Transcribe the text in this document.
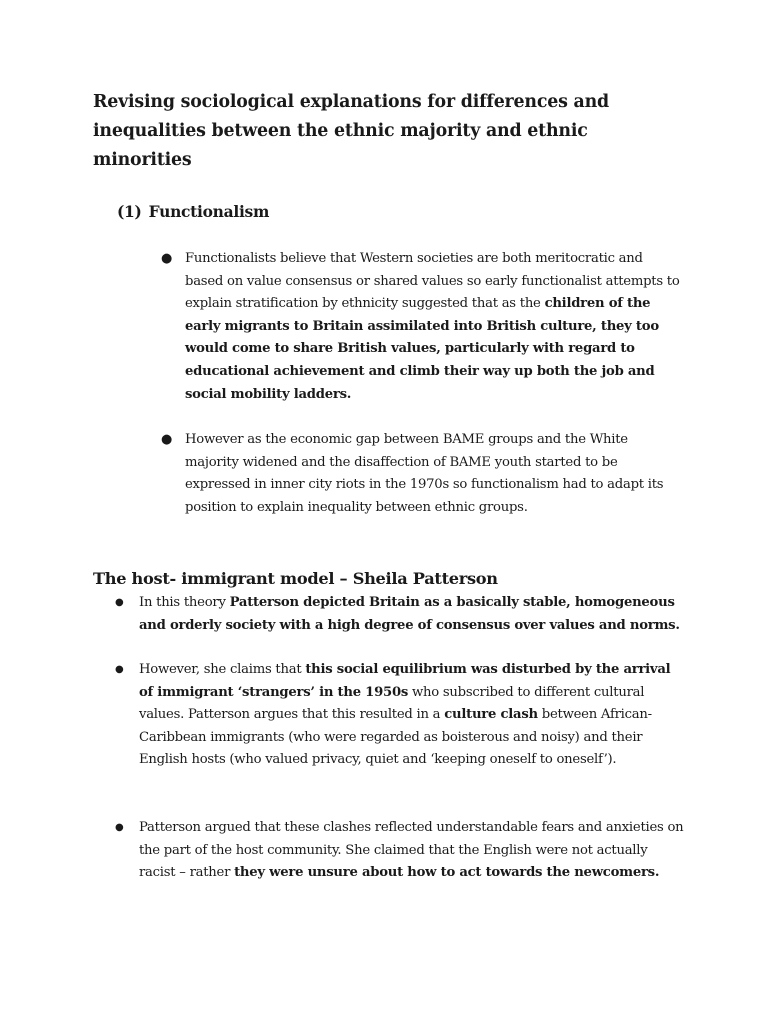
Revising sociological explanations for differences and inequalities between the ethnic majority and ethnic minorities
(1) Functionalism

● Functionalists believe that Western societies are both meritocratic and based on value consensus or shared values so early functionalist attempts to explain stratification by ethnicity suggested that as the children of the early migrants to Britain assimilated into British culture, they too would come to share British values, particularly with regard to educational achievement and climb their way up both the job and social mobility ladders.

● However as the economic gap between BAME groups and the White majority widened and the disaffection of BAME youth started to be expressed in inner city riots in the 1970s so functionalism had to adapt its position to explain inequality between ethnic groups.

The host- immigrant model – Sheila Patterson

● In this theory Patterson depicted Britain as a basically stable, homogeneous and orderly society with a high degree of consensus over values and norms.

● However, she claims that this social equilibrium was disturbed by the arrival of immigrant ‘strangers’ in the 1950s who subscribed to different cultural values. Patterson argues that this resulted in a culture clash between African-Caribbean immigrants (who were regarded as boisterous and noisy) and their English hosts (who valued privacy, quiet and ‘keeping oneself to oneself’).

● Patterson argued that these clashes reflected understandable fears and anxieties on the part of the host community. She claimed that the English were not actually racist – rather they were unsure about how to act towards the newcomers.
